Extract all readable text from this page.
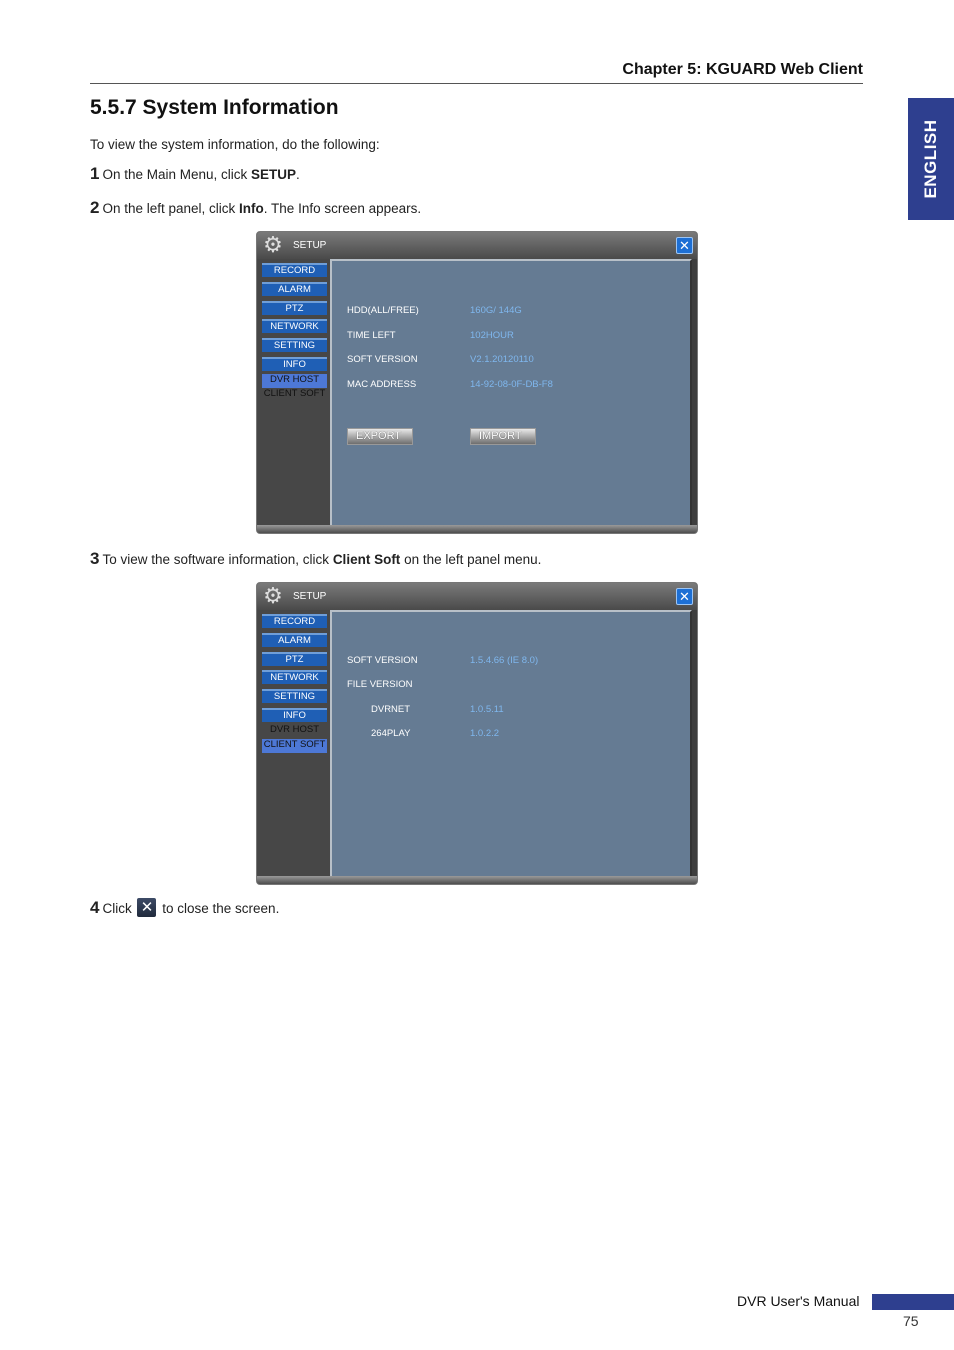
Chapter 5: KGUARD Web Client
ENGLISH
5.5.7 System Information
To view the system information, do the following:
1 On the Main Menu, click SETUP.
2 On the left panel, click Info. The Info screen appears.
⚙	SETUP	✕
RECORD
ALARM
PTZ
NETWORK
SETTING
INFO
DVR HOST
CLIENT SOFT
HDD(ALL/FREE)	160G/ 144G
TIME LEFT	102HOUR
SOFT VERSION	V2.1.20120110
MAC ADDRESS	14-92-08-0F-DB-F8
EXPORT	IMPORT
3 To view the software information, click Client Soft on the left panel menu.
⚙	SETUP	✕
RECORD
ALARM
PTZ
NETWORK
SETTING
INFO
DVR HOST
CLIENT SOFT
SOFT VERSION	1.5.4.66 (IE 8.0)
FILE VERSION
DVRNET	1.0.5.11
264PLAY	1.0.2.2
4 Click ✕ to close the screen.
DVR User's Manual
75
